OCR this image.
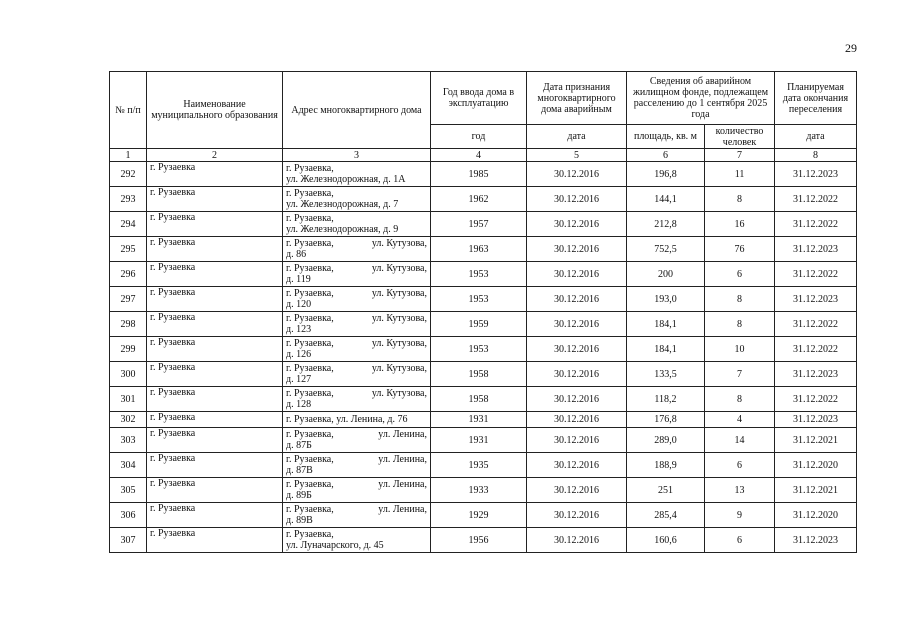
29
№ п/п	Наименование муниципального образования	Адрес многоквартирного дома	Год ввода дома в эксплуатацию	Дата признания многоквартирного дома аварийным	Сведения об аварийном жилищном фонде, подлежащем расселению до 1 сентября 2025 года		Планируемая дата окончания переселения
			год	дата	площадь, кв. м	количество человек	дата
1	2	3	4	5	6	7	8
292	г. Рузаевка	г. Рузаевка,
ул. Железнодорожная, д. 1А	1985	30.12.2016	196,8	11	31.12.2023
293	г. Рузаевка	г. Рузаевка,
ул. Железнодорожная, д. 7	1962	30.12.2016	144,1	8	31.12.2022
294	г. Рузаевка	г. Рузаевка,
ул. Железнодорожная, д. 9	1957	30.12.2016	212,8	16	31.12.2022
295	г. Рузаевка	г. Рузаевка, ул. Кутузова,
д. 86	1963	30.12.2016	752,5	76	31.12.2023
296	г. Рузаевка	г. Рузаевка, ул. Кутузова,
д. 119	1953	30.12.2016	200	6	31.12.2022
297	г. Рузаевка	г. Рузаевка, ул. Кутузова,
д. 120	1953	30.12.2016	193,0	8	31.12.2023
298	г. Рузаевка	г. Рузаевка, ул. Кутузова,
д. 123	1959	30.12.2016	184,1	8	31.12.2022
299	г. Рузаевка	г. Рузаевка, ул. Кутузова,
д. 126	1953	30.12.2016	184,1	10	31.12.2022
300	г. Рузаевка	г. Рузаевка, ул. Кутузова,
д. 127	1958	30.12.2016	133,5	7	31.12.2023
301	г. Рузаевка	г. Рузаевка, ул. Кутузова,
д. 128	1958	30.12.2016	118,2	8	31.12.2022
302	г. Рузаевка	г. Рузаевка, ул. Ленина, д. 76	1931	30.12.2016	176,8	4	31.12.2023
303	г. Рузаевка	г. Рузаевка, ул. Ленина,
д. 87Б	1931	30.12.2016	289,0	14	31.12.2021
304	г. Рузаевка	г. Рузаевка, ул. Ленина,
д. 87В	1935	30.12.2016	188,9	6	31.12.2020
305	г. Рузаевка	г. Рузаевка, ул. Ленина,
д. 89Б	1933	30.12.2016	251	13	31.12.2021
306	г. Рузаевка	г. Рузаевка, ул. Ленина,
д. 89В	1929	30.12.2016	285,4	9	31.12.2020
307	г. Рузаевка	г. Рузаевка,
ул. Луначарского, д. 45	1956	30.12.2016	160,6	6	31.12.2023
